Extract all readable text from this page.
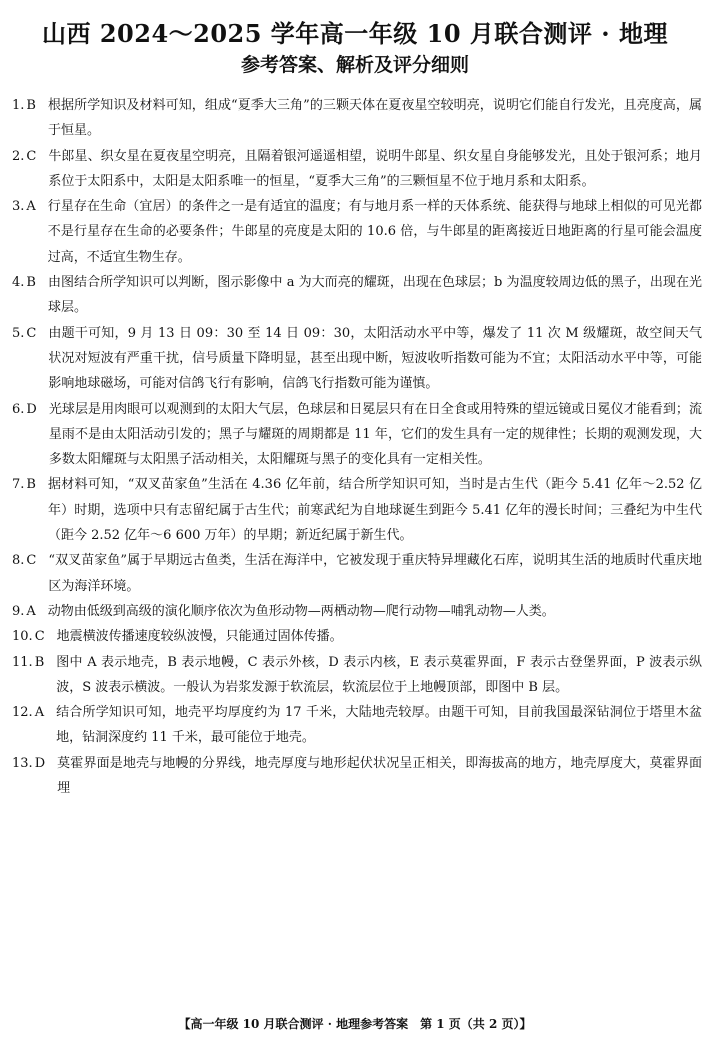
山西 2024～2025 学年高一年级 10 月联合测评 · 地理
参考答案、解析及评分细则
1. B 根据所学知识及材料可知，组成“夏季大三角”的三颗天体在夏夜星空较明亮，说明它们能自行发光，且亮度高，属于恒星。
2. C 牛郎星、织女星在夏夜星空明亮，且隔着银河遥遥相望，说明牛郎星、织女星自身能够发光，且处于银河系；地月系位于太阳系中，太阳是太阳系唯一的恒星，“夏季大三角”的三颗恒星不位于地月系和太阳系。
3. A 行星存在生命（宜居）的条件之一是有适宜的温度；有与地月系一样的天体系统、能获得与地球上相似的可见光都不是行星存在生命的必要条件；牛郎星的亮度是太阳的 10.6 倍，与牛郎星的距离接近日地距离的行星可能会温度过高，不适宜生物生存。
4. B 由图结合所学知识可以判断，图示影像中 a 为大而亮的耀斑，出现在色球层；b 为温度较周边低的黑子，出现在光球层。
5. C 由题干可知，9 月 13 日 09：30 至 14 日 09：30，太阳活动水平中等，爆发了 11 次 M 级耀斑，故空间天气状况对短波有严重干扰，信号质量下降明显，甚至出现中断，短波收听指数可能为不宜；太阳活动水平中等，可能影响地球磁场，可能对信鸽飞行有影响，信鸽飞行指数可能为谨慎。
6. D 光球层是用肉眼可以观测到的太阳大气层，色球层和日冕层只有在日全食或用特殊的望远镜或日冕仪才能看到；流星雨不是由太阳活动引发的；黑子与耀斑的周期都是 11 年，它们的发生具有一定的规律性；长期的观测发现，大多数太阳耀斑与太阳黑子活动相关，太阳耀斑与黑子的变化具有一定相关性。
7. B 据材料可知，“双叉苗家鱼”生活在 4.36 亿年前，结合所学知识可知，当时是古生代（距今 5.41 亿年～2.52 亿年）时期，选项中只有志留纪属于古生代；前寒武纪为自地球诞生到距今 5.41 亿年的漫长时间；三叠纪为中生代（距今 2.52 亿年～6 600 万年）的早期；新近纪属于新生代。
8. C “双叉苗家鱼”属于早期远古鱼类，生活在海洋中，它被发现于重庆特异埋藏化石库，说明其生活的地质时代重庆地区为海洋环境。
9. A 动物由低级到高级的演化顺序依次为鱼形动物—两栖动物—爬行动物—哺乳动物—人类。
10. C 地震横波传播速度较纵波慢，只能通过固体传播。
11. B 图中 A 表示地壳，B 表示地幔，C 表示外核，D 表示内核，E 表示莫霍界面，F 表示古登堡界面，P 波表示纵波，S 波表示横波。一般认为岩浆发源于软流层，软流层位于上地幔顶部，即图中 B 层。
12. A 结合所学知识可知，地壳平均厚度约为 17 千米，大陆地壳较厚。由题干可知，目前我国最深钻洞位于塔里木盆地，钻洞深度约 11 千米，最可能位于地壳。
13. D 莫霍界面是地壳与地幔的分界线，地壳厚度与地形起伏状况呈正相关，即海拔高的地方，地壳厚度大，莫霍界面埋
【高一年级 10 月联合测评 · 地理参考答案　第 1 页（共 2 页）】
